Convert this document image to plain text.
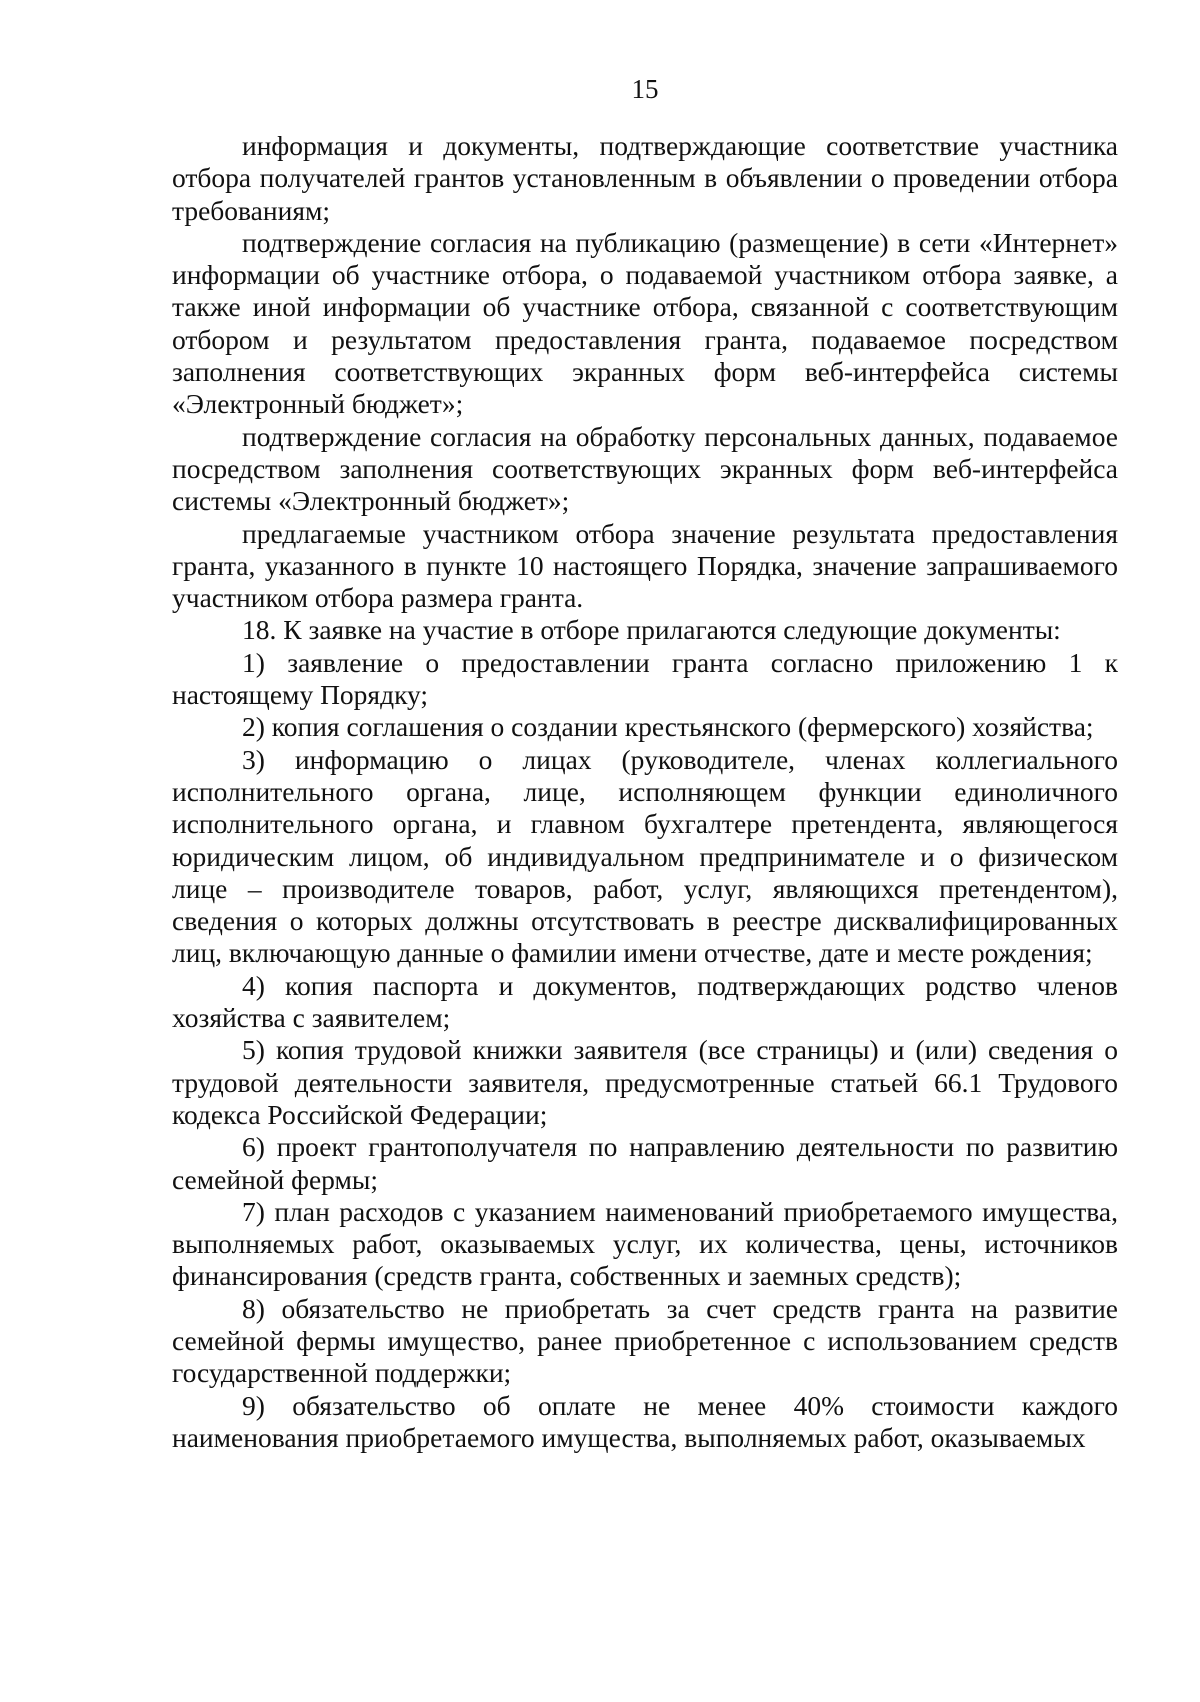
15

информация и документы, подтверждающие соответствие участника отбора получателей грантов установленным в объявлении о проведении отбора требованиям;

подтверждение согласия на публикацию (размещение) в сети «Интернет» информации об участнике отбора, о подаваемой участником отбора заявке, а также иной информации об участнике отбора, связанной с соответствующим отбором и результатом предоставления гранта, подаваемое посредством заполнения соответствующих экранных форм веб-интерфейса системы «Электронный бюджет»;

подтверждение согласия на обработку персональных данных, подаваемое посредством заполнения соответствующих экранных форм веб-интерфейса системы «Электронный бюджет»;

предлагаемые участником отбора значение результата предоставления гранта, указанного в пункте 10 настоящего Порядка, значение запрашиваемого участником отбора размера гранта.

18. К заявке на участие в отборе прилагаются следующие документы:

1) заявление о предоставлении гранта согласно приложению 1 к настоящему Порядку;

2) копия соглашения о создании крестьянского (фермерского) хозяйства;

3) информацию о лицах (руководителе, членах коллегиального исполнительного органа, лице, исполняющем функции единоличного исполнительного органа, и главном бухгалтере претендента, являющегося юридическим лицом, об индивидуальном предпринимателе и о физическом лице – производителе товаров, работ, услуг, являющихся претендентом), сведения о которых должны отсутствовать в реестре дисквалифицированных лиц, включающую данные о фамилии имени отчестве, дате и месте рождения;

4) копия паспорта и документов, подтверждающих родство членов хозяйства с заявителем;

5) копия трудовой книжки заявителя (все страницы) и (или) сведения о трудовой деятельности заявителя, предусмотренные статьей 66.1 Трудового кодекса Российской Федерации;

6) проект грантополучателя по направлению деятельности по развитию семейной фермы;

7) план расходов с указанием наименований приобретаемого имущества, выполняемых работ, оказываемых услуг, их количества, цены, источников финансирования (средств гранта, собственных и заемных средств);

8) обязательство не приобретать за счет средств гранта на развитие семейной фермы имущество, ранее приобретенное с использованием средств государственной поддержки;

9) обязательство об оплате не менее 40% стоимости каждого наименования приобретаемого имущества, выполняемых работ, оказываемых
